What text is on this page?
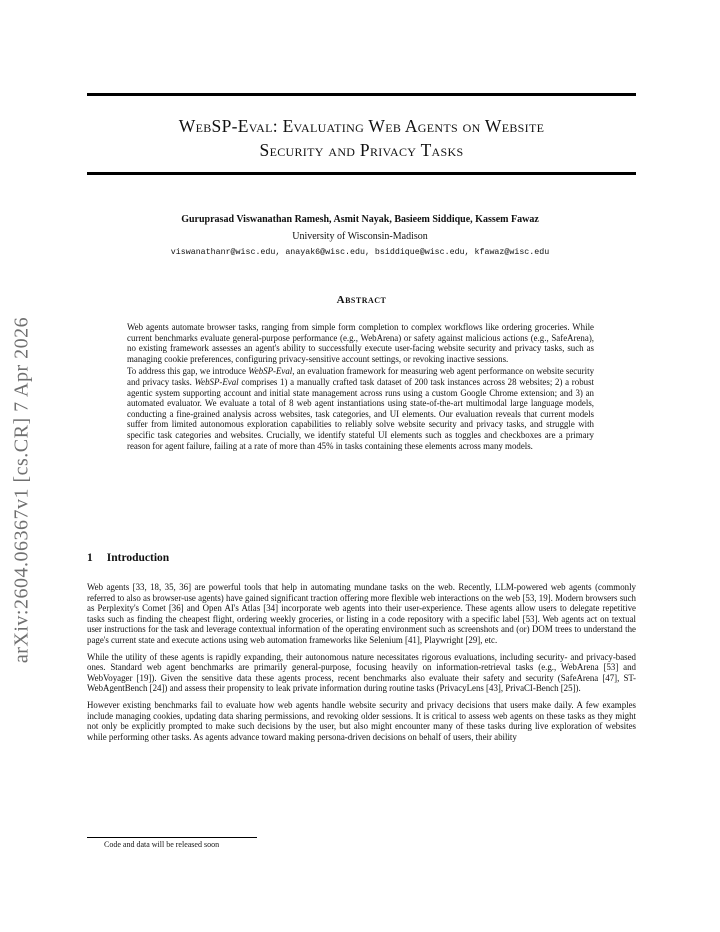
WebSP-Eval: Evaluating Web Agents on Website
Security and Privacy Tasks
Guruprasad Viswanathan Ramesh, Asmit Nayak, Basieem Siddique, Kassem Fawaz
University of Wisconsin-Madison
viswanathanr@wisc.edu, anayak6@wisc.edu, bsiddique@wisc.edu, kfawaz@wisc.edu
arXiv:2604.06367v1 [cs.CR] 7 Apr 2026
Abstract

Web agents automate browser tasks, ranging from simple form completion to complex workflows like ordering groceries. While current benchmarks evaluate general-purpose performance (e.g., WebArena) or safety against malicious actions (e.g., SafeArena), no existing framework assesses an agent's ability to successfully execute user-facing website security and privacy tasks, such as managing cookie preferences, configuring privacy-sensitive account settings, or revoking inactive sessions.

To address this gap, we introduce WebSP-Eval, an evaluation framework for measuring web agent performance on website security and privacy tasks. WebSP-Eval comprises 1) a manually crafted task dataset of 200 task instances across 28 websites; 2) a robust agentic system supporting account and initial state management across runs using a custom Google Chrome extension; and 3) an automated evaluator. We evaluate a total of 8 web agent instantiations using state-of-the-art multimodal large language models, conducting a fine-grained analysis across websites, task categories, and UI elements. Our evaluation reveals that current models suffer from limited autonomous exploration capabilities to reliably solve website security and privacy tasks, and struggle with specific task categories and websites. Crucially, we identify stateful UI elements such as toggles and checkboxes are a primary reason for agent failure, failing at a rate of more than 45% in tasks containing these elements across many models.

1 Introduction

Web agents [33, 18, 35, 36] are powerful tools that help in automating mundane tasks on the web. Recently, LLM-powered web agents (commonly referred to also as browser-use agents) have gained significant traction offering more flexible web interactions on the web [53, 19]. Modern browsers such as Perplexity's Comet [36] and Open AI's Atlas [34] incorporate web agents into their user-experience. These agents allow users to delegate repetitive tasks such as finding the cheapest flight, ordering weekly groceries, or listing in a code repository with a specific label [53]. Web agents act on textual user instructions for the task and leverage contextual information of the operating environment such as screenshots and (or) DOM trees to understand the page's current state and execute actions using web automation frameworks like Selenium [41], Playwright [29], etc.

While the utility of these agents is rapidly expanding, their autonomous nature necessitates rigorous evaluations, including security- and privacy-based ones. Standard web agent benchmarks are primarily general-purpose, focusing heavily on information-retrieval tasks (e.g., WebArena [53] and WebVoyager [19]). Given the sensitive data these agents process, recent benchmarks also evaluate their safety and security (SafeArena [47], ST-WebAgentBench [24]) and assess their propensity to leak private information during routine tasks (PrivacyLens [43], PrivaCI-Bench [25]).

However existing benchmarks fail to evaluate how web agents handle website security and privacy decisions that users make daily. A few examples include managing cookies, updating data sharing permissions, and revoking older sessions. It is critical to assess web agents on these tasks as they might not only be explicitly prompted to make such decisions by the user, but also might encounter many of these tasks during live exploration of websites while performing other tasks. As agents advance toward making persona-driven decisions on behalf of users, their ability

Code and data will be released soon
